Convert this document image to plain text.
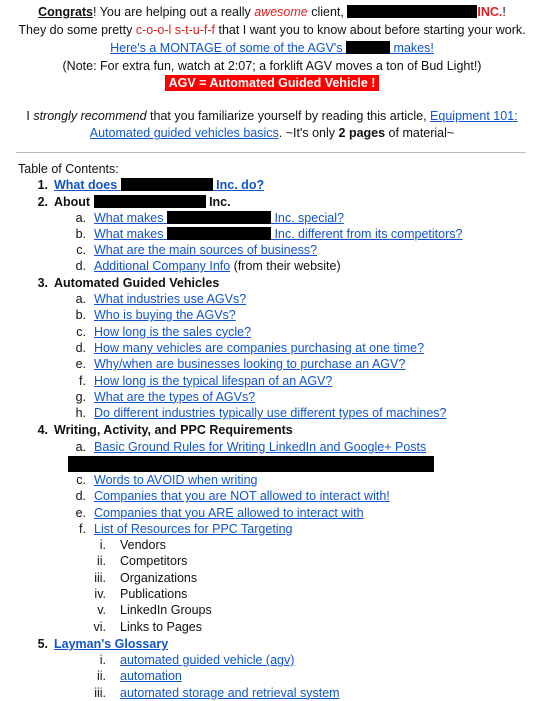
Congrats! You are helping out a really awesome client,	INC.!
They do some pretty c-o-o-l s-t-u-f-f that I want you to know about before starting your work.
Here's a MONTAGE of some of the AGV's	makes!
(Note: For extra fun, watch at 2:07; a forklift AGV moves a ton of Bud Light!)
AGV = Automated Guided Vehicle !
I strongly recommend that you familiarize yourself by reading this article, Equipment 101:
Automated guided vehicles basics. ~It's only 2 pages of material~
Table of Contents:
1. What does	Inc. do?
2. About	Inc.
a. What makes	Inc. special?
b. What makes	Inc. different from its competitors?
c. What are the main sources of business?
d. Additional Company Info (from their website)
3. Automated Guided Vehicles
a. What industries use AGVs?
b. Who is buying the AGVs?
c. How long is the sales cycle?
d. How many vehicles are companies purchasing at one time?
e. Why/when are businesses looking to purchase an AGV?
f. How long is the typical lifespan of an AGV?
g. What are the types of AGVs?
h. Do different industries typically use different types of machines?
4. Writing, Activity, and PPC Requirements
a. Basic Ground Rules for Writing LinkedIn and Google+ Posts
c. Words to AVOID when writing
d. Companies that you are NOT allowed to interact with!
e. Companies that you ARE allowed to interact with
f. List of Resources for PPC Targeting
i. Vendors
ii. Competitors
iii. Organizations
iv. Publications
v. LinkedIn Groups
vi. Links to Pages
5. Layman's Glossary
i. automated guided vehicle (agv)
ii. automation
iii. automated storage and retrieval system
